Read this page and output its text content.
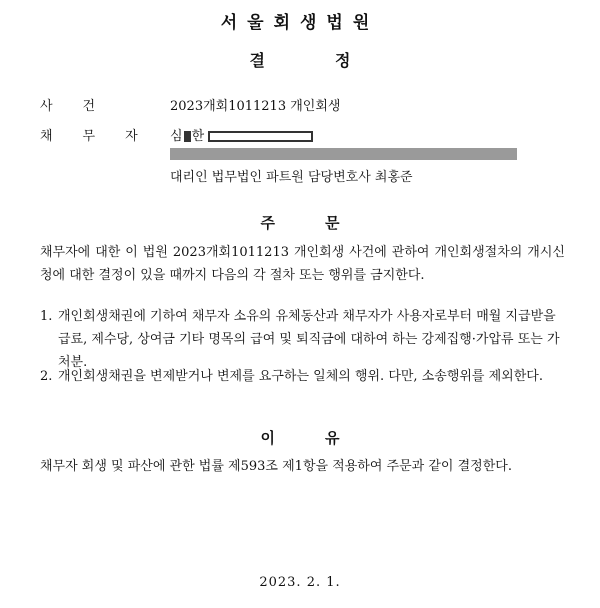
서울회생법원
결정
사건	2023개회1011213 개인회생
채무자 심 한
대리인 법무법인 파트원 담당변호사 최홍준
주문
채무자에 대한 이 법원 2023개회1011213 개인회생 사건에 관하여 개인회생절차의 개시신청에 대한 결정이 있을 때까지 다음의 각 절차 또는 행위를 금지한다.
1. 개인회생채권에 기하여 채무자 소유의 유체동산과 채무자가 사용자로부터 매월 지급받을 급료, 제수당, 상여금 기타 명목의 급여 및 퇴직금에 대하여 하는 강제집행·가압류 또는 가처분.
2. 개인회생채권을 변제받거나 변제를 요구하는 일체의 행위. 다만, 소송행위를 제외한다.
이유
채무자 회생 및 파산에 관한 법률 제593조 제1항을 적용하여 주문과 같이 결정한다.
2023. 2. 1.
